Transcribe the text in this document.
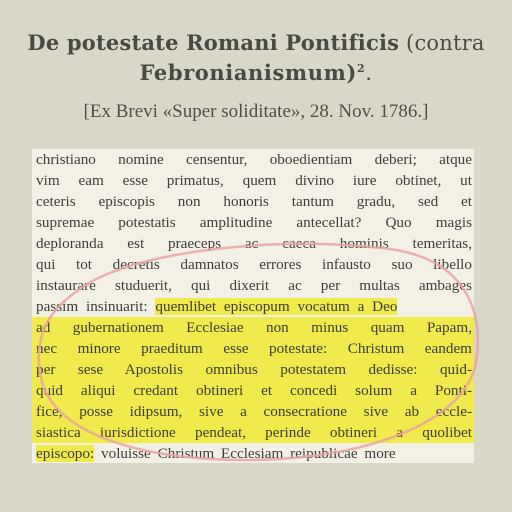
De potestate Romani Pontificis (contra
Febronianismum)$^2$.
[Ex Brevi «Super soliditate», 28. Nov. 1786.]
christiano nomine censentur, oboedientiam deberi; atque
vim eam esse primatus, quem divino iure obtinet, ut
ceteris episcopis non honoris tantum gradu, sed et
supremae potestatis amplitudine antecellat? Quo magis
deploranda est praeceps ac caeca hominis temeritas,
qui tot decretis damnatos errores infausto suo libello
instaurare studuerit, qui dixerit ac per multas ambages
passim insinuarit: quemlibet episcopum vocatum a Deo
ad gubernationem Ecclesiae non minus quam Papam,
nec minore praeditum esse potestate: Christum eandem
per sese Apostolis omnibus potestatem dedisse: quid-
quid aliqui credant obtineri et concedi solum a Ponti-
fice, posse idipsum, sive a consecratione sive ab eccle-
siastica iurisdictione pendeat, perinde obtineri a quolibet
episcopo: voluisse Christum Ecclesiam reipublicae more
